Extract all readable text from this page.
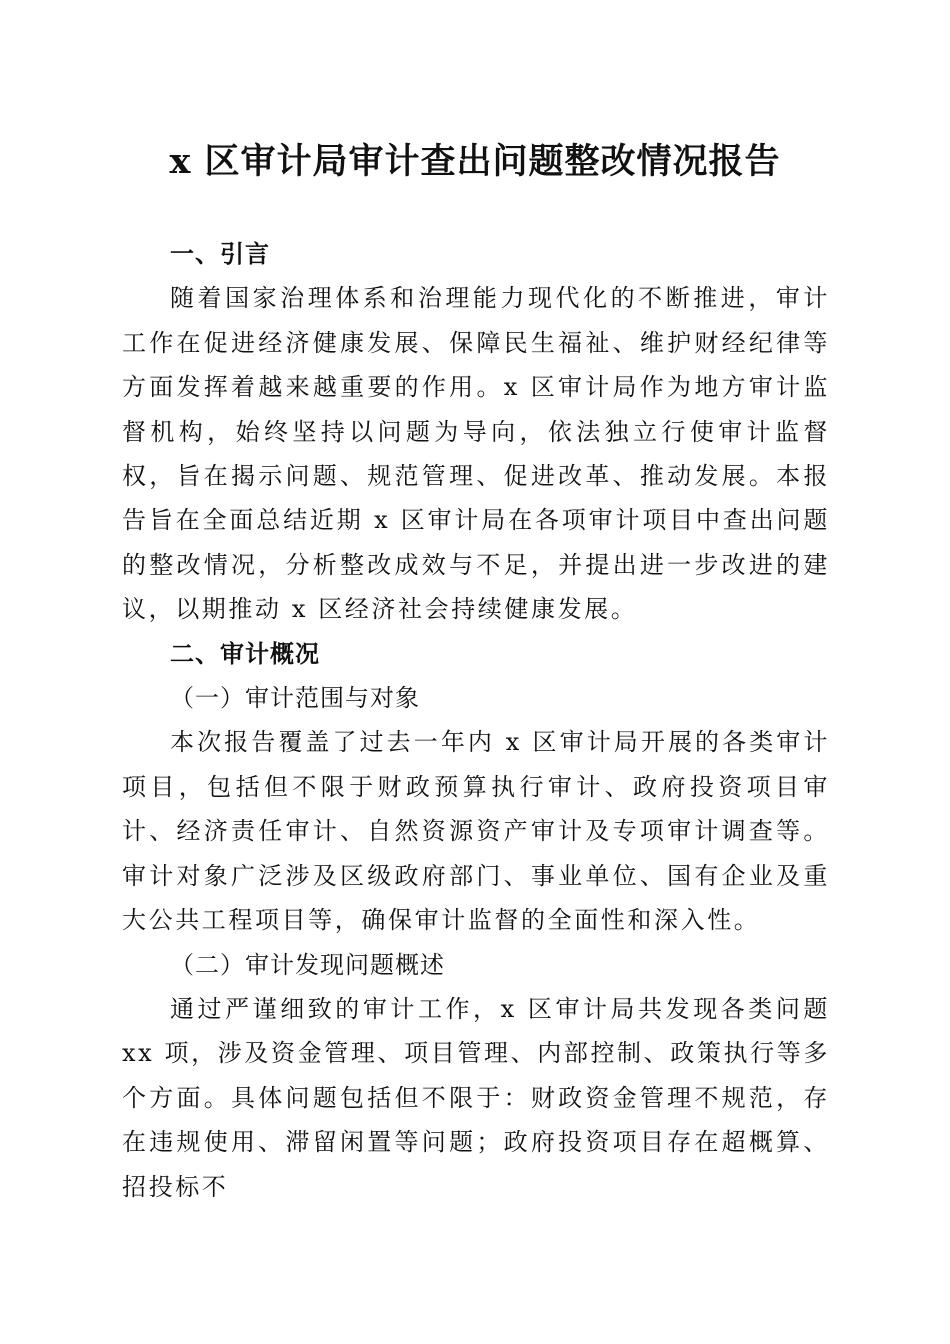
x 区审计局审计查出问题整改情况报告
一、引言

随着国家治理体系和治理能力现代化的不断推进，审计工作在促进经济健康发展、保障民生福祉、维护财经纪律等方面发挥着越来越重要的作用。x 区审计局作为地方审计监督机构，始终坚持以问题为导向，依法独立行使审计监督权，旨在揭示问题、规范管理、促进改革、推动发展。本报告旨在全面总结近期 x 区审计局在各项审计项目中查出问题的整改情况，分析整改成效与不足，并提出进一步改进的建议，以期推动 x 区经济社会持续健康发展。

二、审计概况
（一）审计范围与对象

本次报告覆盖了过去一年内 x 区审计局开展的各类审计项目，包括但不限于财政预算执行审计、政府投资项目审计、经济责任审计、自然资源资产审计及专项审计调查等。审计对象广泛涉及区级政府部门、事业单位、国有企业及重大公共工程项目等，确保审计监督的全面性和深入性。

（二）审计发现问题概述

通过严谨细致的审计工作，x 区审计局共发现各类问题 xx 项，涉及资金管理、项目管理、内部控制、政策执行等多个方面。具体问题包括但不限于：财政资金管理不规范，存在违规使用、滞留闲置等问题；政府投资项目存在超概算、招投标不
